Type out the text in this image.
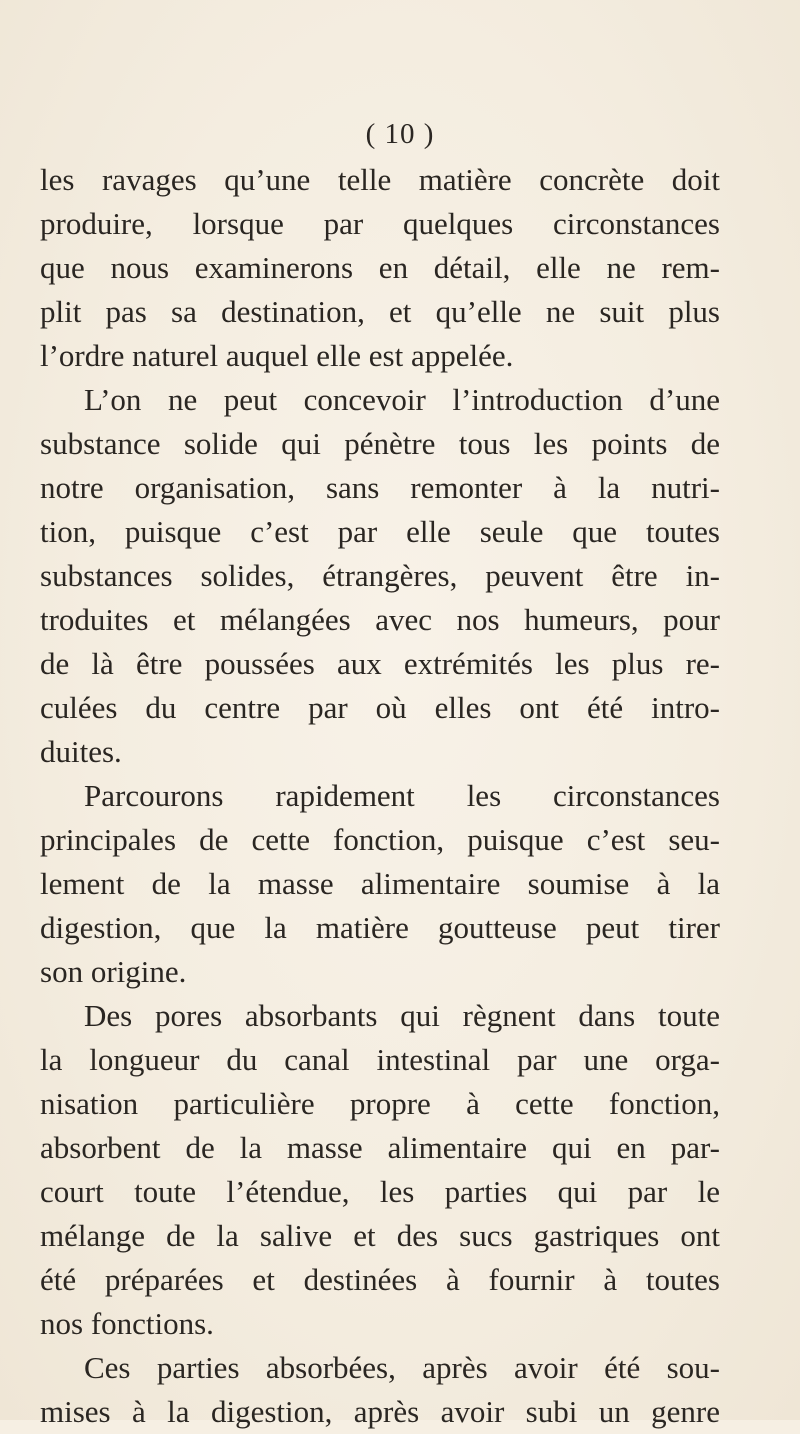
( 10 )
les ravages qu’une telle matière concrète doit
produire, lorsque par quelques circonstances
que nous examinerons en détail, elle ne rem-
plit pas sa destination, et qu’elle ne suit plus
l’ordre naturel auquel elle est appelée.
L’on ne peut concevoir l’introduction d’une
substance solide qui pénètre tous les points de
notre organisation, sans remonter à la nutri-
tion, puisque c’est par elle seule que toutes
substances solides, étrangères, peuvent être in-
troduites et mélangées avec nos humeurs, pour
de là être poussées aux extrémités les plus re-
culées du centre par où elles ont été intro-
duites.
Parcourons rapidement les circonstances
principales de cette fonction, puisque c’est seu-
lement de la masse alimentaire soumise à la
digestion, que la matière goutteuse peut tirer
son origine.
Des pores absorbants qui règnent dans toute
la longueur du canal intestinal par une orga-
nisation particulière propre à cette fonction,
absorbent de la masse alimentaire qui en par-
court toute l’étendue, les parties qui par le
mélange de la salive et des sucs gastriques ont
été préparées et destinées à fournir à toutes
nos fonctions.
Ces parties absorbées, après avoir été sou-
mises à la digestion, après avoir subi un genre
